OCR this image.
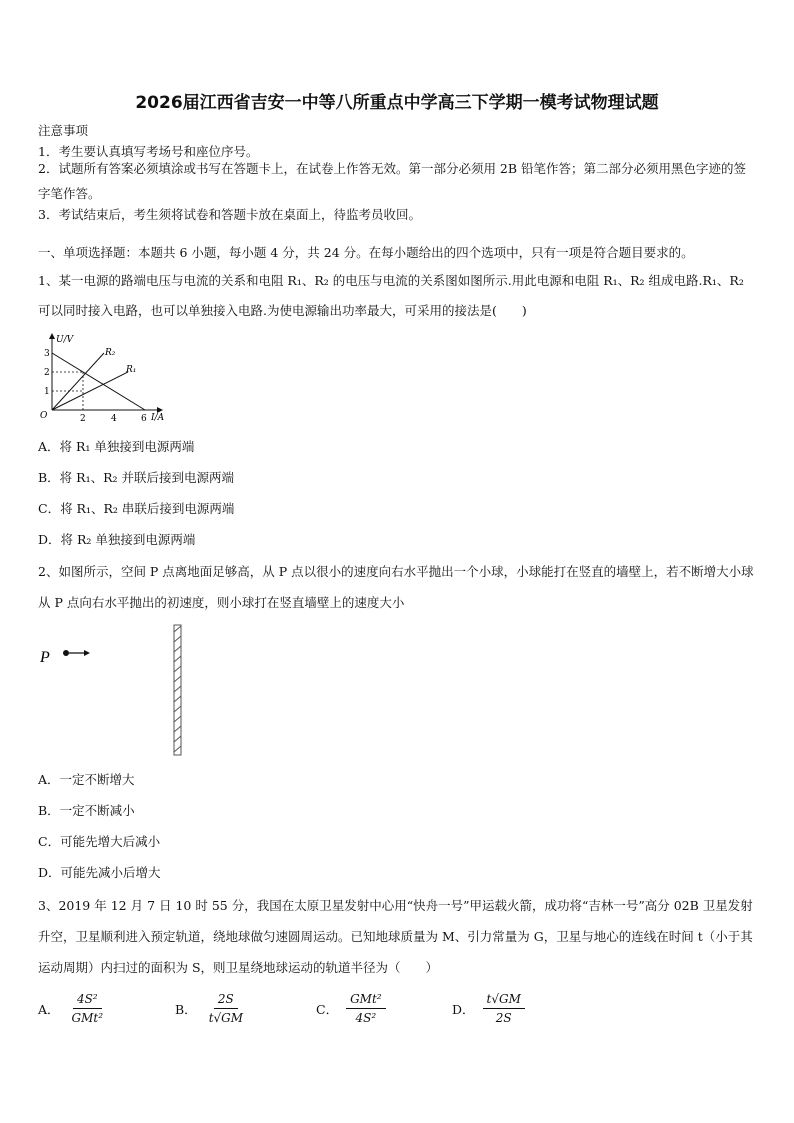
2026届江西省吉安一中等八所重点中学高三下学期一模考试物理试题
注意事项
1．考生要认真填写考场号和座位序号。
2．试题所有答案必须填涂或书写在答题卡上，在试卷上作答无效。第一部分必须用 2B 铅笔作答；第二部分必须用黑色字迹的签字笔作答。
3．考试结束后，考生须将试卷和答题卡放在桌面上，待监考员收回。
一、单项选择题：本题共 6 小题，每小题 4 分，共 24 分。在每小题给出的四个选项中，只有一项是符合题目要求的。
1、某一电源的路端电压与电流的关系和电阻 R₁、R₂ 的电压与电流的关系图如图所示.用此电源和电阻 R₁、R₂ 组成电路.R₁、R₂ 可以同时接入电路，也可以单独接入电路.为使电源输出功率最大，可采用的接法是(　　)
U/V
I/A
O
1
2
3
2	4	6
R₂
R₁
A．将 R₁ 单独接到电源两端
B．将 R₁、R₂ 并联后接到电源两端
C．将 R₁、R₂ 串联后接到电源两端
D．将 R₂ 单独接到电源两端
2、如图所示，空间 P 点离地面足够高，从 P 点以很小的速度向右水平抛出一个小球，小球能打在竖直的墙壁上，若不断增大小球从 P 点向右水平抛出的初速度，则小球打在竖直墙壁上的速度大小
P
A．一定不断增大
B．一定不断减小
C．可能先增大后减小
D．可能先减小后增大
3、2019 年 12 月 7 日 10 时 55 分，我国在太原卫星发射中心用“快舟一号”甲运载火箭，成功将“吉林一号”高分 02B 卫星发射升空，卫星顺利进入预定轨道，绕地球做匀速圆周运动。已知地球质量为 M、引力常量为 G，卫星与地心的连线在时间 t（小于其运动周期）内扫过的面积为 S，则卫星绕地球运动的轨道半径为（　　）
A． $\frac{\text{4S²}}{\text{GMt²}}$	B． $\frac{2S}{t√GM}$	C． $\frac{\text{GMt²}}{\text{4S²}}$	D． $\frac{t√GM}{2S}$
